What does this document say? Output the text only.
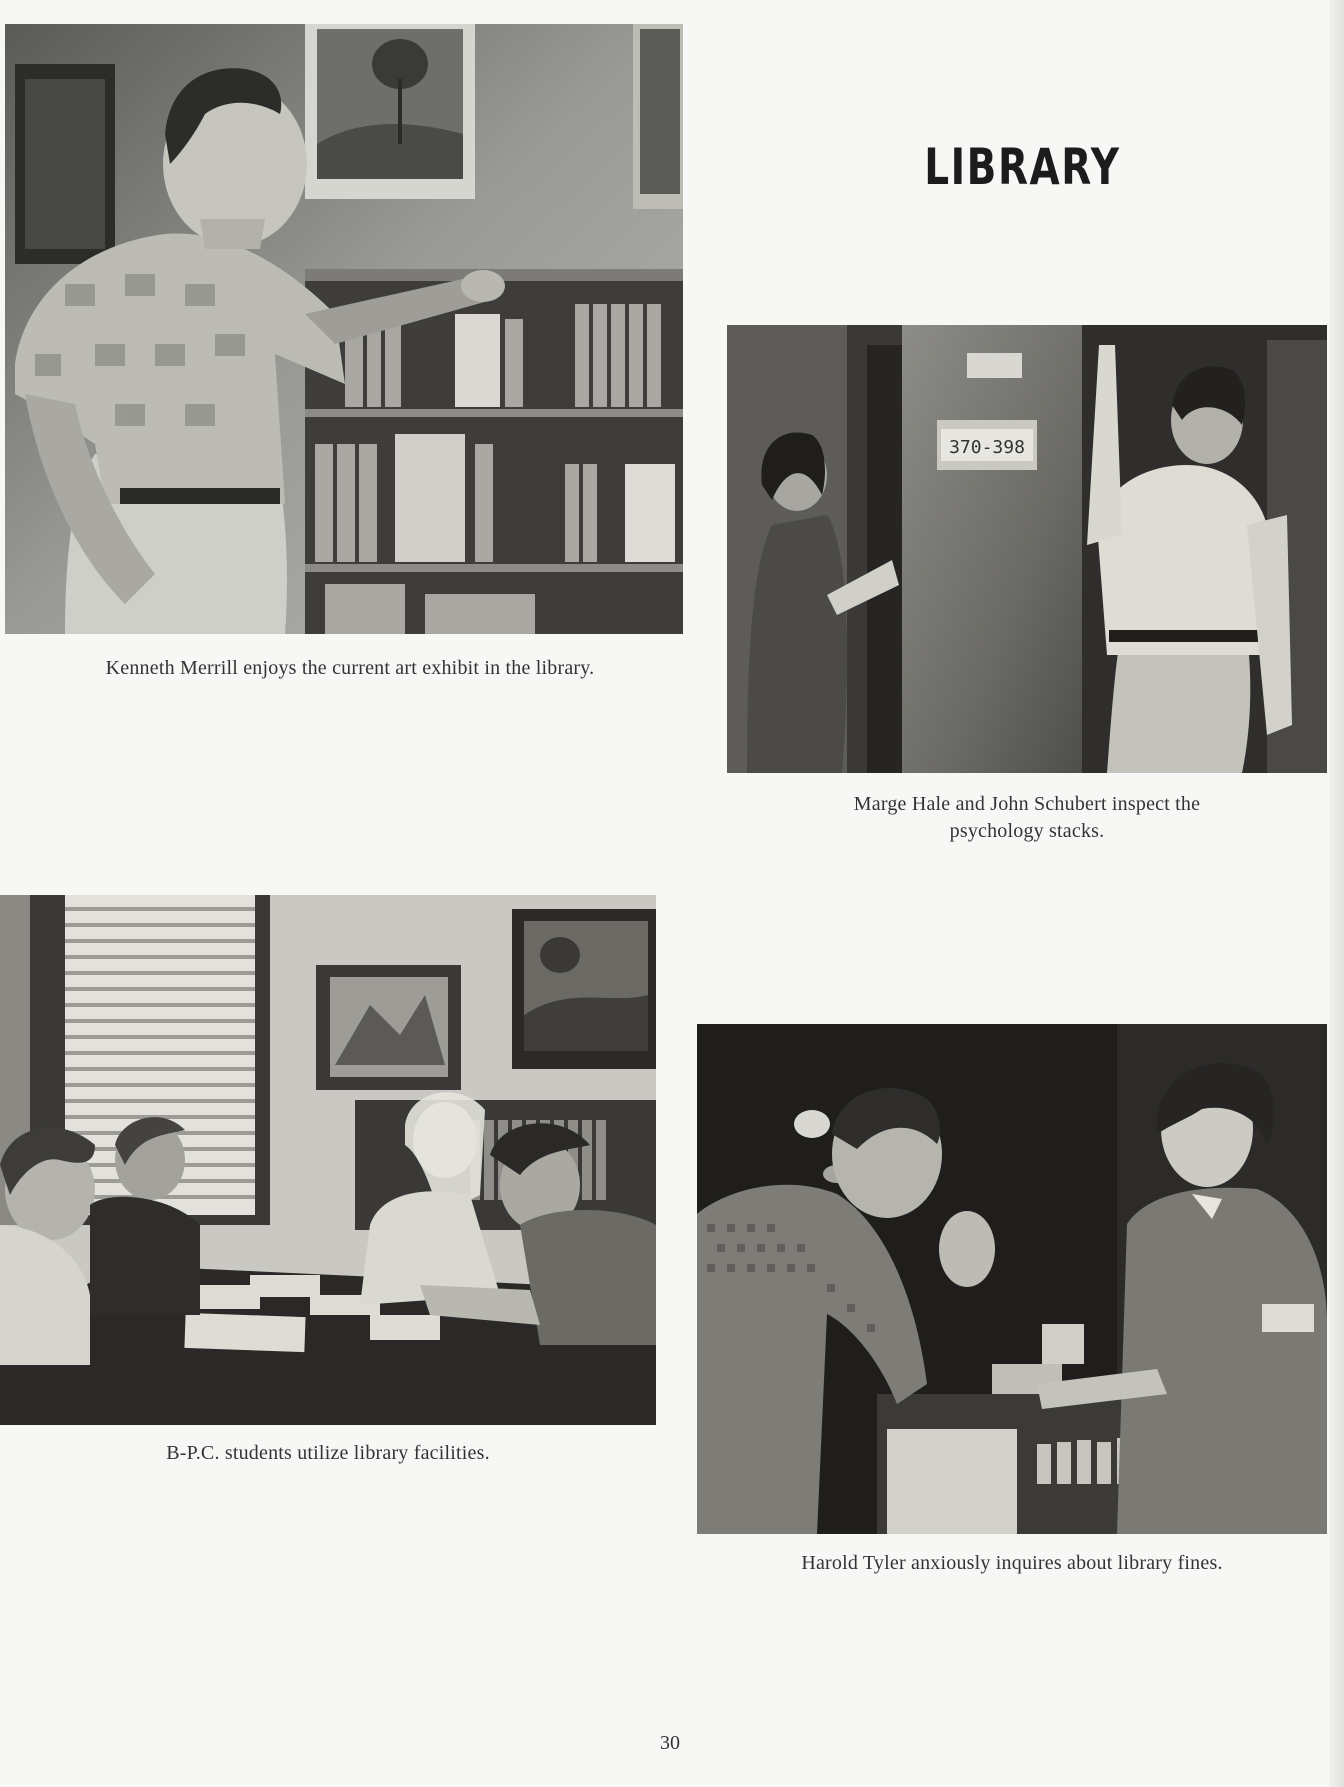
Kenneth Merrill enjoys the current art exhibit in the library.
LIBRARY
370-398
Marge Hale and John Schubert inspect the
psychology stacks.
B-P.C. students utilize library facilities.
Harold Tyler anxiously inquires about library fines.
30
